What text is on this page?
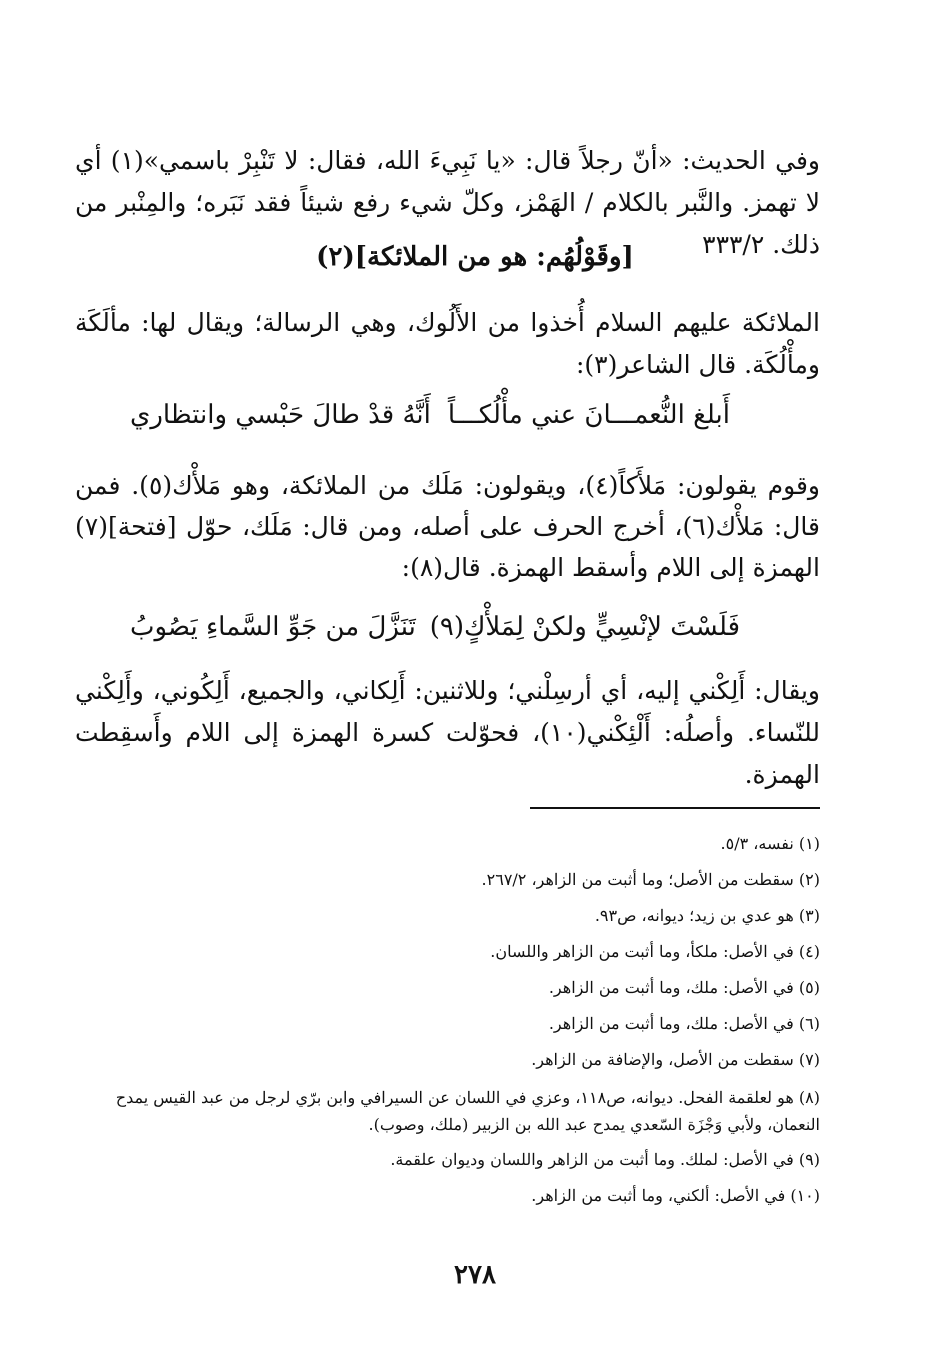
وفي الحديث: «أنّ رجلاً قال: «يا نَبِيءَ الله، فقال: لا تَنْبِرْ باسمي»(١) أي لا تهمز. والنَّبر بالكلام / الهَمْز، وكلّ شيء رفع شيئاً فقد نَبَره؛ والمِنْبر من ذلك. ٣٣٣/٢

[وقَوْلُهُم: هو من الملائكة](٢)

الملائكة عليهم السلام أُخذوا من الأَلُوك، وهي الرسالة؛ ويقال لها: مألَكَة ومأْلُكَة. قال الشاعر(٣):

أَبلغ النُّعمـــانَ عني مأْلُكـــاً
أَنَّهُ قدْ طالَ حَبْسي وانتظاري

وقوم يقولون: مَلأَكاً(٤)، ويقولون: مَلَك من الملائكة، وهو مَلأْك(٥). فمن قال: مَلأْك(٦)، أخرج الحرف على أصله، ومن قال: مَلَك، حوّل [فتحة](٧) الهمزة إلى اللام وأسقط الهمزة. قال(٨):

فَلَسْتَ لإنْسِيٍّ ولكنْ لِمَلأْكٍ(٩)
تَنَزَّلَ من جَوِّ السَّماءِ يَصُوبُ

ويقال: أَلِكْني إليه، أي أرسِلْني؛ وللاثنين: أَلِكاني، والجميع، أَلِكُوني، وأَلِكْني للنّساء. وأصلُه: أَلْئِكْني(١٠)، فحوّلت كسرة الهمزة إلى اللام وأَسقِطت الهمزة.

(١) نفسه، ٥/٣.
(٢) سقطت من الأصل؛ وما أثبت من الزاهر، ٢٦٧/٢.
(٣) هو عدي بن زيد؛ ديوانه، ص٩٣.
(٤) في الأصل: ملكأ، وما أثبت من الزاهر واللسان.
(٥) في الأصل: ملك، وما أثبت من الزاهر.
(٦) في الأصل: ملك، وما أثبت من الزاهر.
(٧) سقطت من الأصل، والإضافة من الزاهر.
(٨) هو لعلقمة الفحل. ديوانه، ص١١٨، وعزي في اللسان عن السيرافي وابن برّي لرجل من عبد القيس يمدح النعمان، ولأبي وَجْزَة السّعدي يمدح عبد الله بن الزبير (ملك، وصوب).
(٩) في الأصل: لملك. وما أثبت من الزاهر واللسان وديوان علقمة.
(١٠) في الأصل: ألكني، وما أثبت من الزاهر.
٢٧٨
